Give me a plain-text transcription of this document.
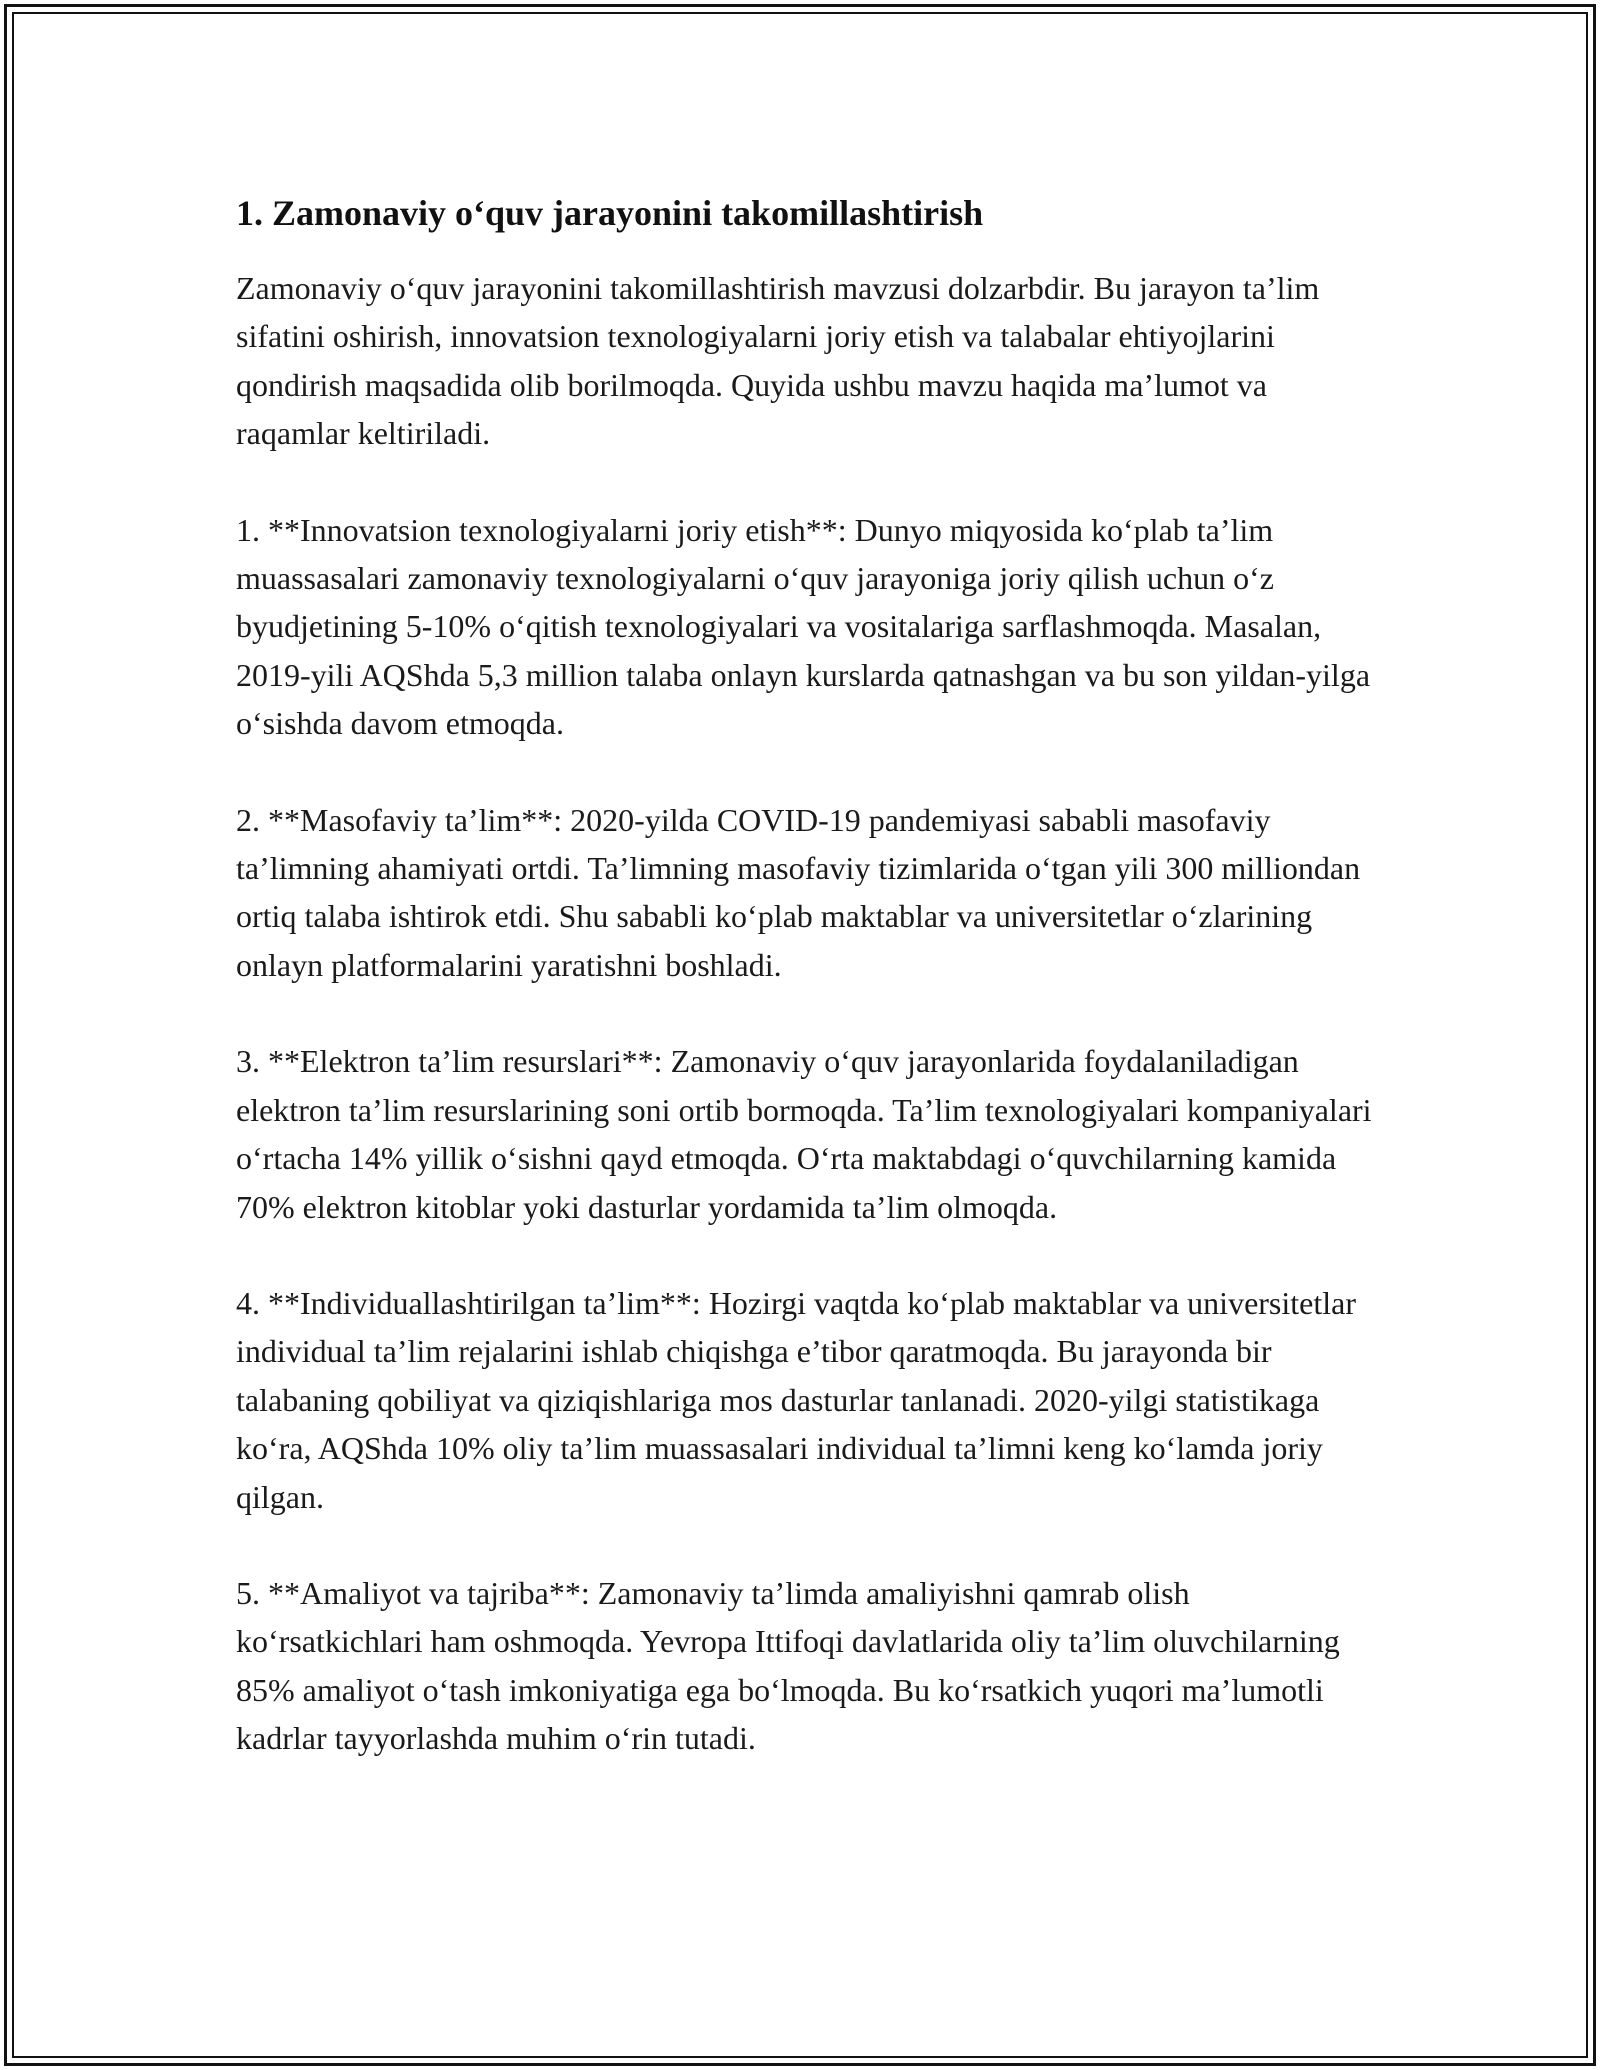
1. Zamonaviy o‘quv jarayonini takomillashtirish

Zamonaviy o‘quv jarayonini takomillashtirish mavzusi dolzarbdir. Bu jarayon ta’lim sifatini oshirish, innovatsion texnologiyalarni joriy etish va talabalar ehtiyojlarini qondirish maqsadida olib borilmoqda. Quyida ushbu mavzu haqida ma’lumot va raqamlar keltiriladi.

1. **Innovatsion texnologiyalarni joriy etish**: Dunyo miqyosida ko‘plab ta’lim muassasalari zamonaviy texnologiyalarni o‘quv jarayoniga joriy qilish uchun o‘z byudjetining 5-10% o‘qitish texnologiyalari va vositalariga sarflashmoqda. Masalan, 2019-yili AQShda 5,3 million talaba onlayn kurslarda qatnashgan va bu son yildan-yilga o‘sishda davom etmoqda.

2. **Masofaviy ta’lim**: 2020-yilda COVID-19 pandemiyasi sababli masofaviy ta’limning ahamiyati ortdi. Ta’limning masofaviy tizimlarida o‘tgan yili 300 milliondan ortiq talaba ishtirok etdi. Shu sababli ko‘plab maktablar va universitetlar o‘zlarining onlayn platformalarini yaratishni boshladi.

3. **Elektron ta’lim resurslari**: Zamonaviy o‘quv jarayonlarida foydalaniladigan elektron ta’lim resurslarining soni ortib bormoqda. Ta’lim texnologiyalari kompaniyalari o‘rtacha 14% yillik o‘sishni qayd etmoqda. O‘rta maktabdagi o‘quvchilarning kamida 70% elektron kitoblar yoki dasturlar yordamida ta’lim olmoqda.

4. **Individuallashtirilgan ta’lim**: Hozirgi vaqtda ko‘plab maktablar va universitetlar individual ta’lim rejalarini ishlab chiqishga e’tibor qaratmoqda. Bu jarayonda bir talabaning qobiliyat va qiziqishlariga mos dasturlar tanlanadi. 2020-yilgi statistikaga ko‘ra, AQShda 10% oliy ta’lim muassasalari individual ta’limni keng ko‘lamda joriy qilgan.

5. **Amaliyot va tajriba**: Zamonaviy ta’limda amaliyishni qamrab olish ko‘rsatkichlari ham oshmoqda. Yevropa Ittifoqi davlatlarida oliy ta’lim oluvchilarning 85% amaliyot o‘tash imkoniyatiga ega bo‘lmoqda. Bu ko‘rsatkich yuqori ma’lumotli kadrlar tayyorlashda muhim o‘rin tutadi.
